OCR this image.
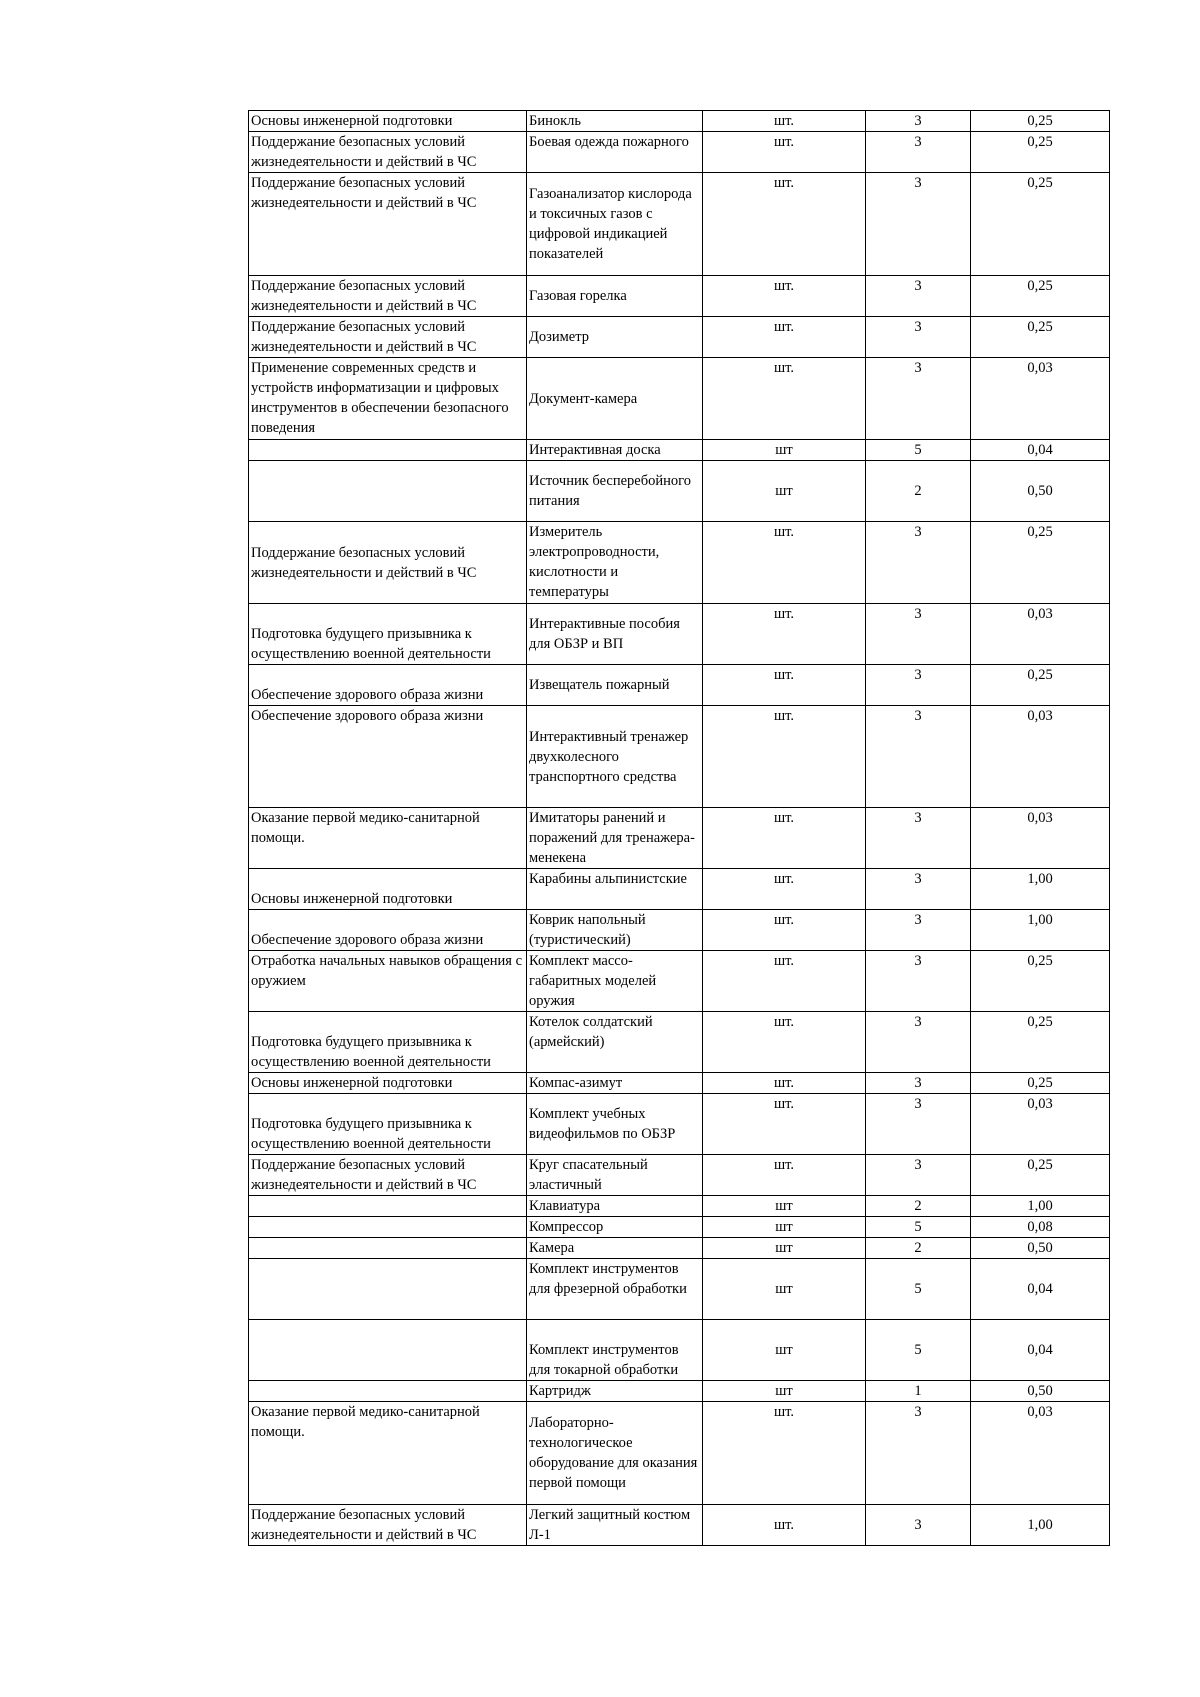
Основы инженерной подготовки	Бинокль	шт.	3	0,25
Поддержание безопасных условий жизнедеятельности и действий в ЧС	Боевая одежда пожарного	шт.	3	0,25
Поддержание безопасных условий жизнедеятельности и действий в ЧС	Газоанализатор кислорода и токсичных газов с цифровой индикацией показателей	шт.	3	0,25
Поддержание безопасных условий жизнедеятельности и действий в ЧС	Газовая горелка	шт.	3	0,25
Поддержание безопасных условий жизнедеятельности и действий в ЧС	Дозиметр	шт.	3	0,25
Применение современных средств и устройств информатизации и цифровых инструментов в обеспечении безопасного поведения	Документ-камера	шт.	3	0,03
	Интерактивная доска	шт	5	0,04
	Источник бесперебойного питания	шт	2	0,50
Поддержание безопасных условий жизнедеятельности и действий в ЧС	Измеритель электропроводности, кислотности и температуры	шт.	3	0,25
Подготовка будущего призывника к осуществлению военной деятельности	Интерактивные пособия для ОБЗР и ВП	шт.	3	0,03
Обеспечение здорового образа жизни	Извещатель пожарный	шт.	3	0,25
Обеспечение здорового образа жизни	Интерактивный тренажер двухколесного транспортного средства	шт.	3	0,03
Оказание первой медико-санитарной помощи.	Имитаторы ранений и поражений для тренажера-менекена	шт.	3	0,03
Основы инженерной подготовки	Карабины альпинистские	шт.	3	1,00
Обеспечение здорового образа жизни	Коврик напольный (туристический)	шт.	3	1,00
Отработка начальных навыков обращения с оружием	Комплект массо-габаритных моделей оружия	шт.	3	0,25
Подготовка будущего призывника к осуществлению военной деятельности	Котелок солдатский (армейский)	шт.	3	0,25
Основы инженерной подготовки	Компас-азимут	шт.	3	0,25
Подготовка будущего призывника к осуществлению военной деятельности	Комплект учебных видеофильмов по ОБЗР	шт.	3	0,03
Поддержание безопасных условий жизнедеятельности и действий в ЧС	Круг спасательный эластичный	шт.	3	0,25
	Клавиатура	шт	2	1,00
	Компрессор	шт	5	0,08
	Камера	шт	2	0,50
	Комплект инструментов для фрезерной обработки	шт	5	0,04
	Комплект инструментов для токарной обработки	шт	5	0,04
	Картридж	шт	1	0,50
Оказание первой медико-санитарной помощи.	Лабораторно-технологическое оборудование для оказания первой помощи	шт.	3	0,03
Поддержание безопасных условий жизнедеятельности и действий в ЧС	Легкий защитный костюм Л-1	шт.	3	1,00
